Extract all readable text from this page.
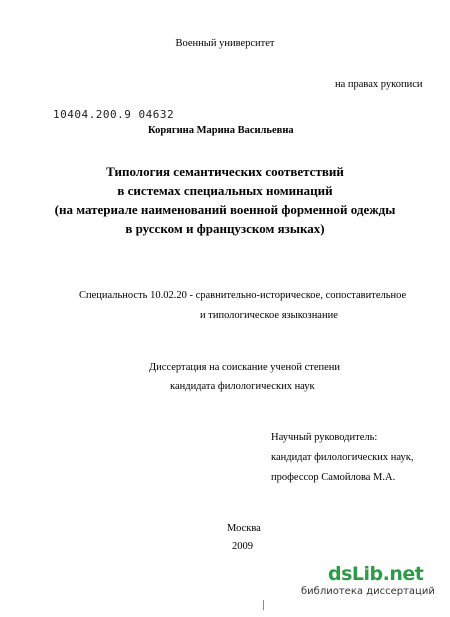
Военный университет
на правах рукописи
10404.200.9 04632
Корягина Марина Васильевна
Типология семантических соответствий
в системах специальных номинаций
(на материале наименований военной форменной одежды
в русском и французском языках)
Специальность 10.02.20 - сравнительно-историческое, сопоставительное
и типологическое языкознание
Диссертация на соискание ученой степени
кандидата филологических наук
Научный руководитель:
кандидат филологических наук,
профессор Самойлова М.А.
Москва
2009
dsLib.net
библиотека диссертаций
